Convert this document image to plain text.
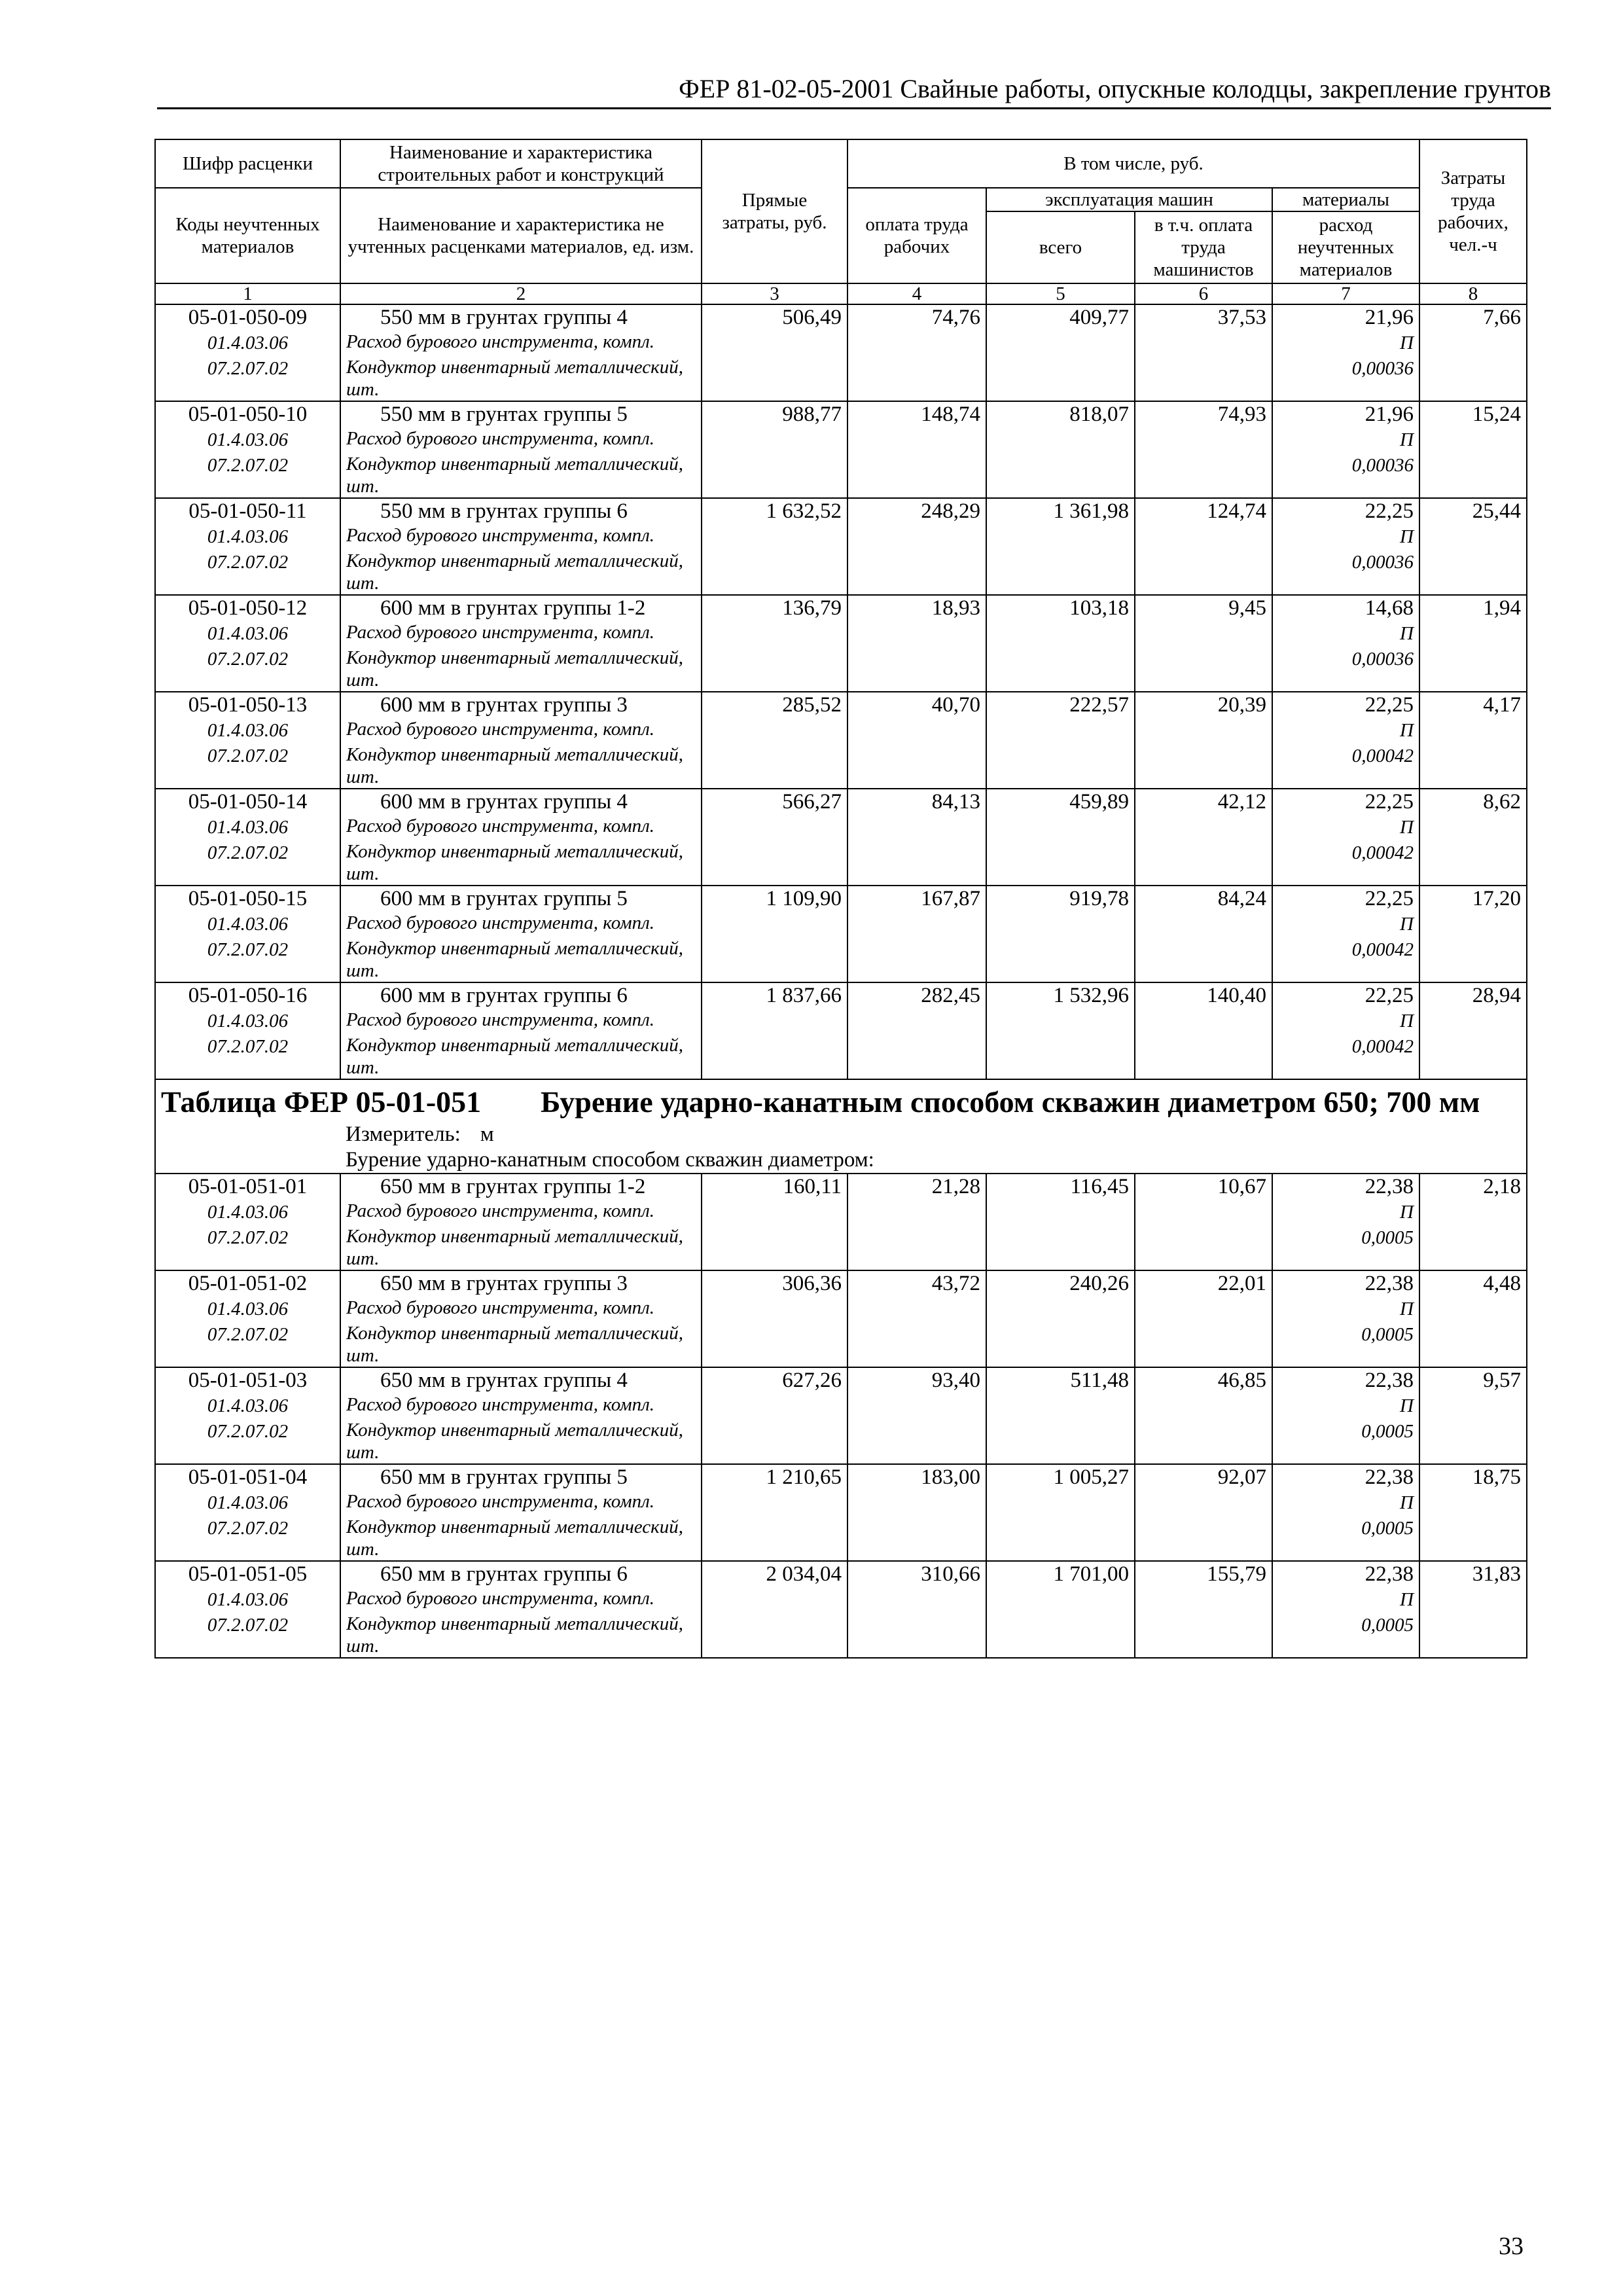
ФЕР 81-02-05-2001 Свайные работы, опускные колодцы, закрепление грунтов
Шифр расценки	Наименование и характеристика строительных работ и конструкций	Прямые затраты, руб.	В том числе, руб.				Затраты труда рабочих, чел.-ч
Коды неучтенных материалов	Наименование и характеристика не учтенных расценками материалов, ед. изм.		оплата труда рабочих	эксплуатация машин		материалы	
				всего	в т.ч. оплата труда машинистов	расход неучтенных материалов	

1	2	3	4	5	6	7	8
05-01-050-09	550 мм в грунтах группы 4	506,49	74,76	409,77	37,53	21,96	7,66
01.4.03.06	Расход бурового инструмента, компл.					П	
07.2.07.02	Кондуктор инвентарный металлический, шт.					0,00036	
05-01-050-10	550 мм в грунтах группы 5	988,77	148,74	818,07	74,93	21,96	15,24
01.4.03.06	Расход бурового инструмента, компл.					П	
07.2.07.02	Кондуктор инвентарный металлический, шт.					0,00036	
05-01-050-11	550 мм в грунтах группы 6	1 632,52	248,29	1 361,98	124,74	22,25	25,44
01.4.03.06	Расход бурового инструмента, компл.					П	
07.2.07.02	Кондуктор инвентарный металлический, шт.					0,00036	
05-01-050-12	600 мм в грунтах группы 1-2	136,79	18,93	103,18	9,45	14,68	1,94
01.4.03.06	Расход бурового инструмента, компл.					П	
07.2.07.02	Кондуктор инвентарный металлический, шт.					0,00036	
05-01-050-13	600 мм в грунтах группы 3	285,52	40,70	222,57	20,39	22,25	4,17
01.4.03.06	Расход бурового инструмента, компл.					П	
07.2.07.02	Кондуктор инвентарный металлический, шт.					0,00042	
05-01-050-14	600 мм в грунтах группы 4	566,27	84,13	459,89	42,12	22,25	8,62
01.4.03.06	Расход бурового инструмента, компл.					П	
07.2.07.02	Кондуктор инвентарный металлический, шт.					0,00042	
05-01-050-15	600 мм в грунтах группы 5	1 109,90	167,87	919,78	84,24	22,25	17,20
01.4.03.06	Расход бурового инструмента, компл.					П	
07.2.07.02	Кондуктор инвентарный металлический, шт.					0,00042	
05-01-050-16	600 мм в грунтах группы 6	1 837,66	282,45	1 532,96	140,40	22,25	28,94
01.4.03.06	Расход бурового инструмента, компл.					П	
07.2.07.02	Кондуктор инвентарный металлический, шт.					0,00042	
Таблица ФЕР 05-01-051 Бурение ударно-канатным способом скважин диаметром 650; 700 мм							
Измеритель: м							
Бурение ударно-канатным способом скважин диаметром:							
05-01-051-01	650 мм в грунтах группы 1-2	160,11	21,28	116,45	10,67	22,38	2,18
01.4.03.06	Расход бурового инструмента, компл.					П	
07.2.07.02	Кондуктор инвентарный металлический, шт.					0,0005	
05-01-051-02	650 мм в грунтах группы 3	306,36	43,72	240,26	22,01	22,38	4,48
01.4.03.06	Расход бурового инструмента, компл.					П	
07.2.07.02	Кондуктор инвентарный металлический, шт.					0,0005	
05-01-051-03	650 мм в грунтах группы 4	627,26	93,40	511,48	46,85	22,38	9,57
01.4.03.06	Расход бурового инструмента, компл.					П	
07.2.07.02	Кондуктор инвентарный металлический, шт.					0,0005	
05-01-051-04	650 мм в грунтах группы 5	1 210,65	183,00	1 005,27	92,07	22,38	18,75
01.4.03.06	Расход бурового инструмента, компл.					П	
07.2.07.02	Кондуктор инвентарный металлический, шт.					0,0005	
05-01-051-05	650 мм в грунтах группы 6	2 034,04	310,66	1 701,00	155,79	22,38	31,83
01.4.03.06	Расход бурового инструмента, компл.					П	
07.2.07.02	Кондуктор инвентарный металлический, шт.					0,0005	
33
